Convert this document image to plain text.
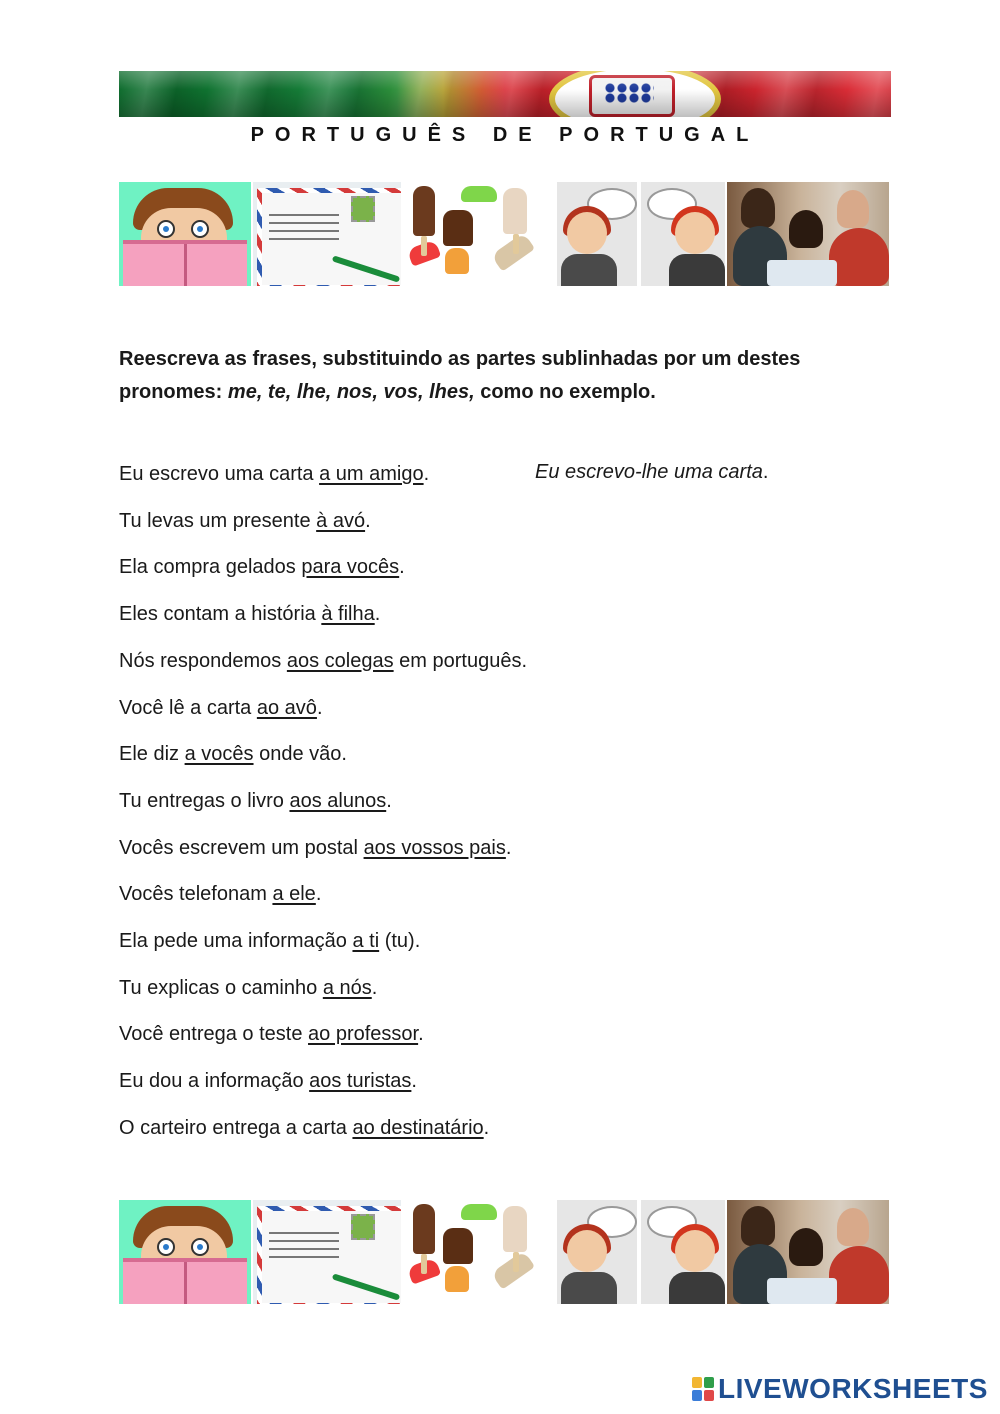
PORTUGUÊS DE PORTUGAL
Reescreva as frases, substituindo as partes sublinhadas por um destes pronomes: me, te, lhe, nos, vos, lhes, como no exemplo.
Eu escrevo uma carta a um amigo.
Tu levas um presente à avó.
Ela compra gelados para vocês.
Eles contam a história à filha.
Nós respondemos aos colegas em português.
Você lê a carta ao avô.
Ele diz a vocês onde vão.
Tu entregas o livro aos alunos.
Vocês escrevem um postal aos vossos pais.
Vocês telefonam a ele.
Ela pede uma informação a ti (tu).
Tu explicas o caminho a nós.
Você entrega o teste ao professor.
Eu dou a informação aos turistas.
O carteiro entrega a carta ao destinatário.
Eu escrevo-lhe uma carta.
LIVEWORKSHEETS
